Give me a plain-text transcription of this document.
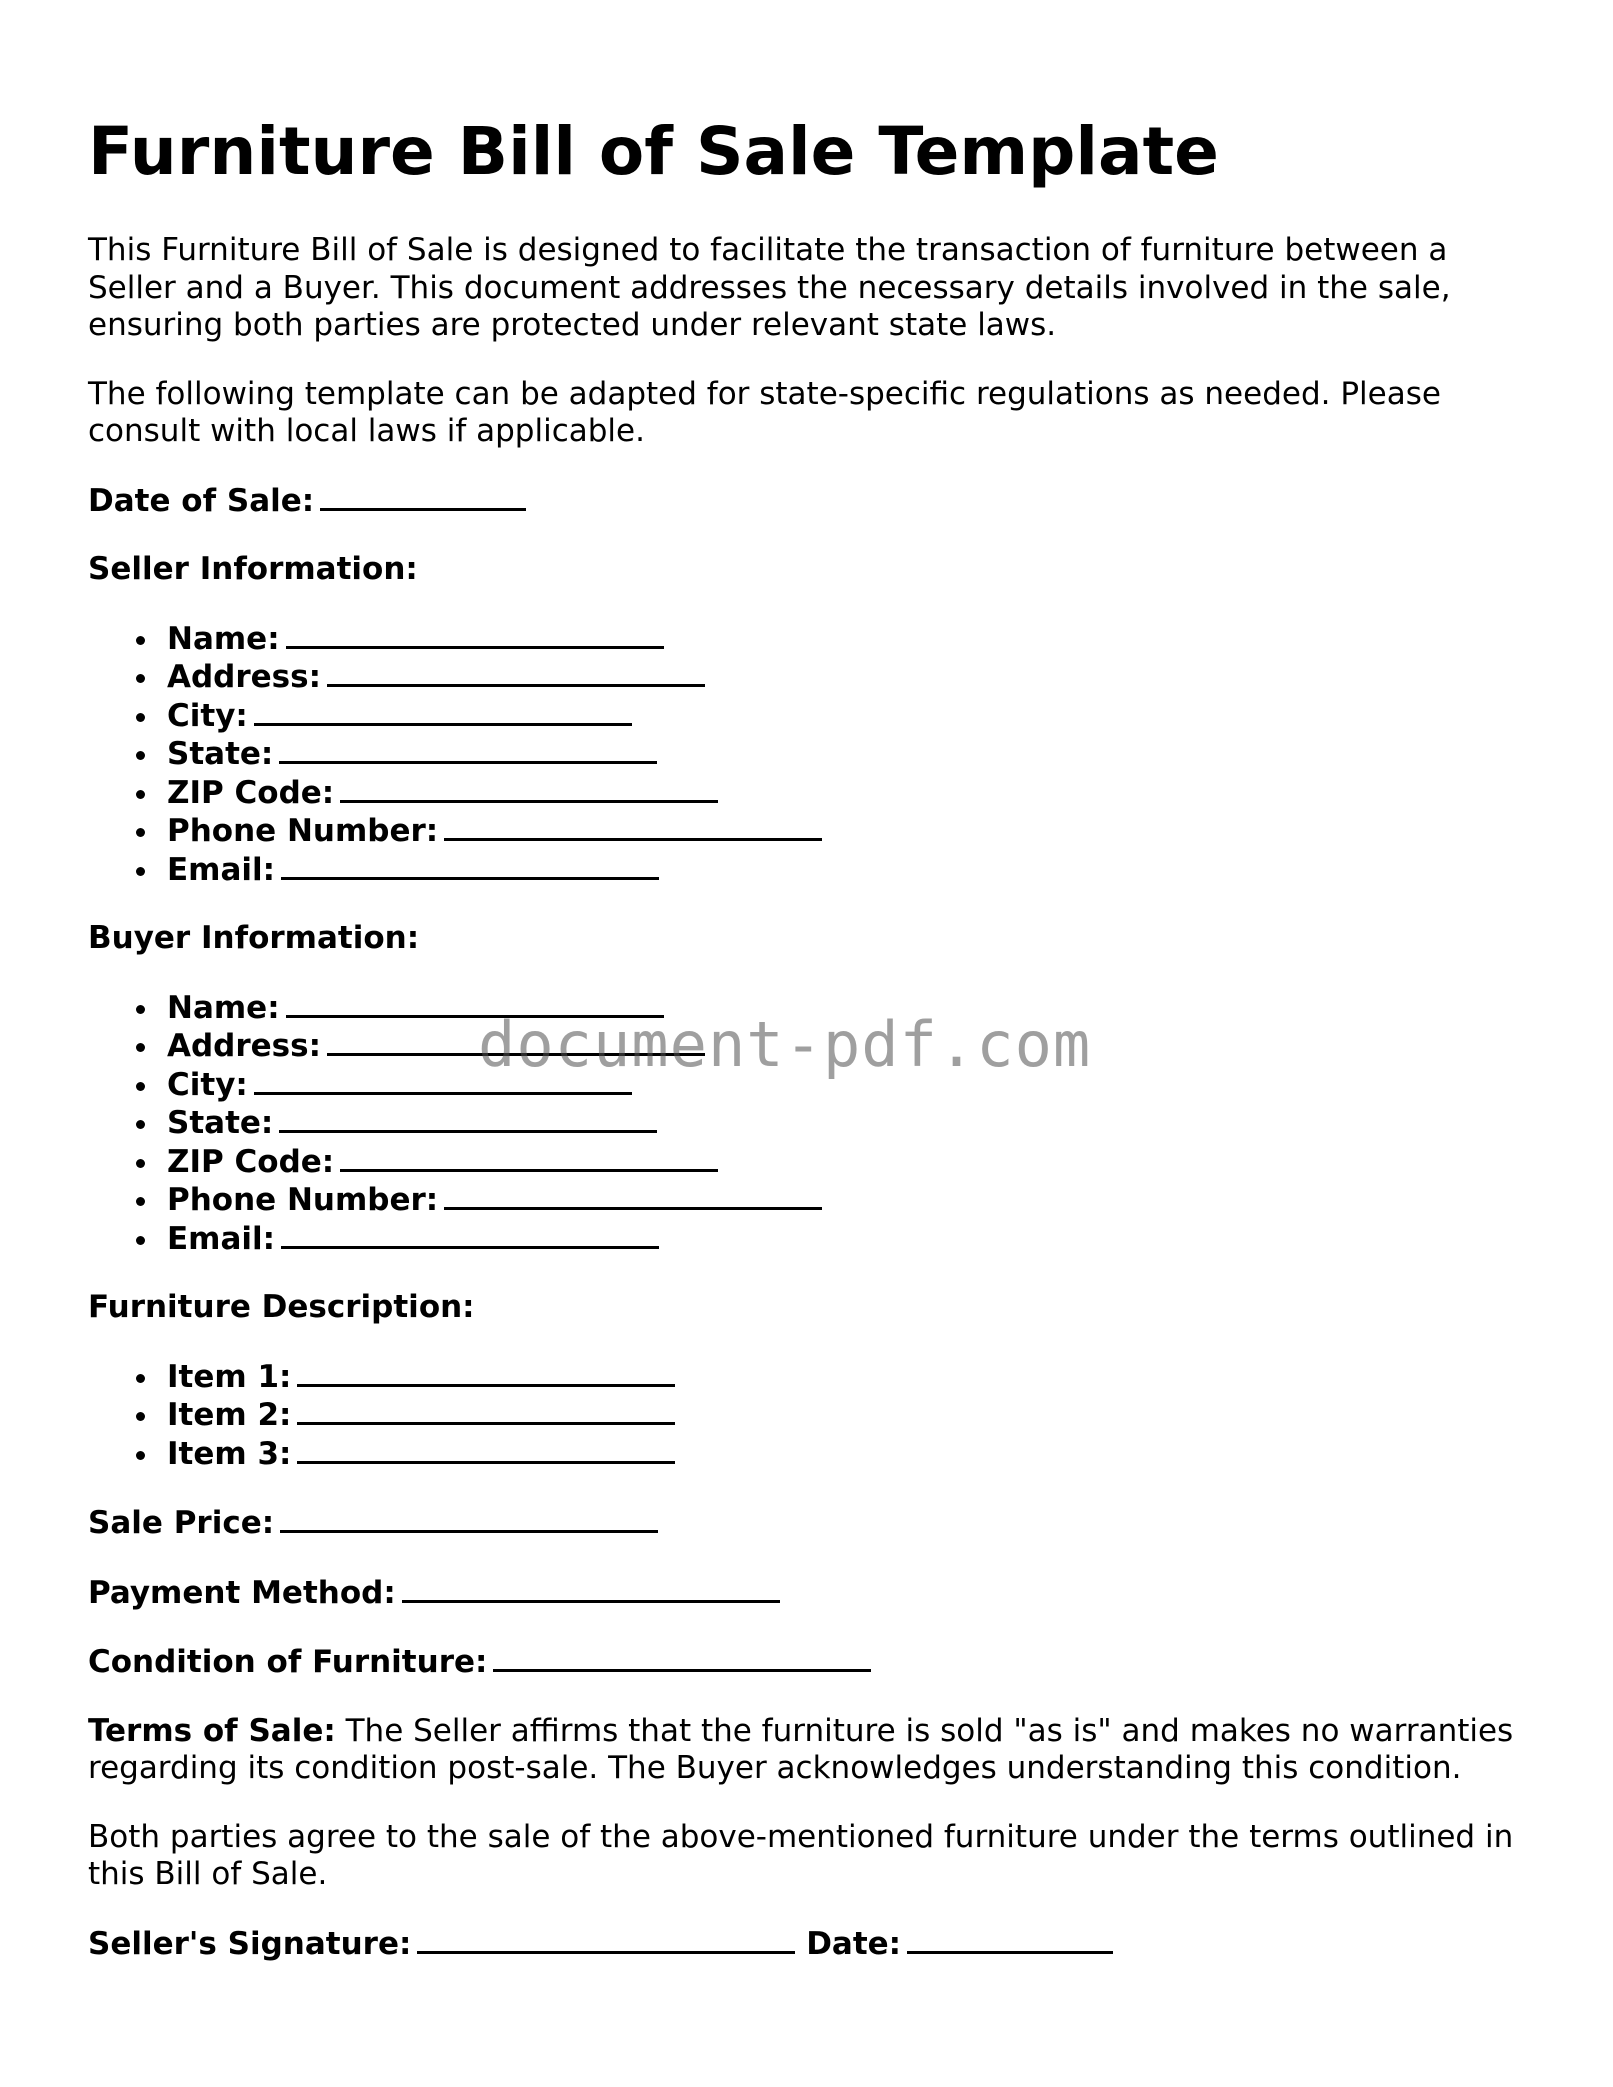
Furniture Bill of Sale Template

This Furniture Bill of Sale is designed to facilitate the transaction of furniture between a Seller and a Buyer. This document addresses the necessary details involved in the sale, ensuring both parties are protected under relevant state laws.

The following template can be adapted for state-specific regulations as needed. Please consult with local laws if applicable.

Date of Sale:

Seller Information:

Name:
Address:
City:
State:
ZIP Code:
Phone Number:
Email:

Buyer Information:

Name:
Address:
City:
State:
ZIP Code:
Phone Number:
Email:

Furniture Description:

Item 1:
Item 2:
Item 3:

Sale Price:

Payment Method:

Condition of Furniture:

Terms of Sale: The Seller affirms that the furniture is sold "as is" and makes no warranties regarding its condition post-sale. The Buyer acknowledges understanding this condition.

Both parties agree to the sale of the above-mentioned furniture under the terms outlined in this Bill of Sale.

Seller's Signature:	Date:

document-pdf.com
